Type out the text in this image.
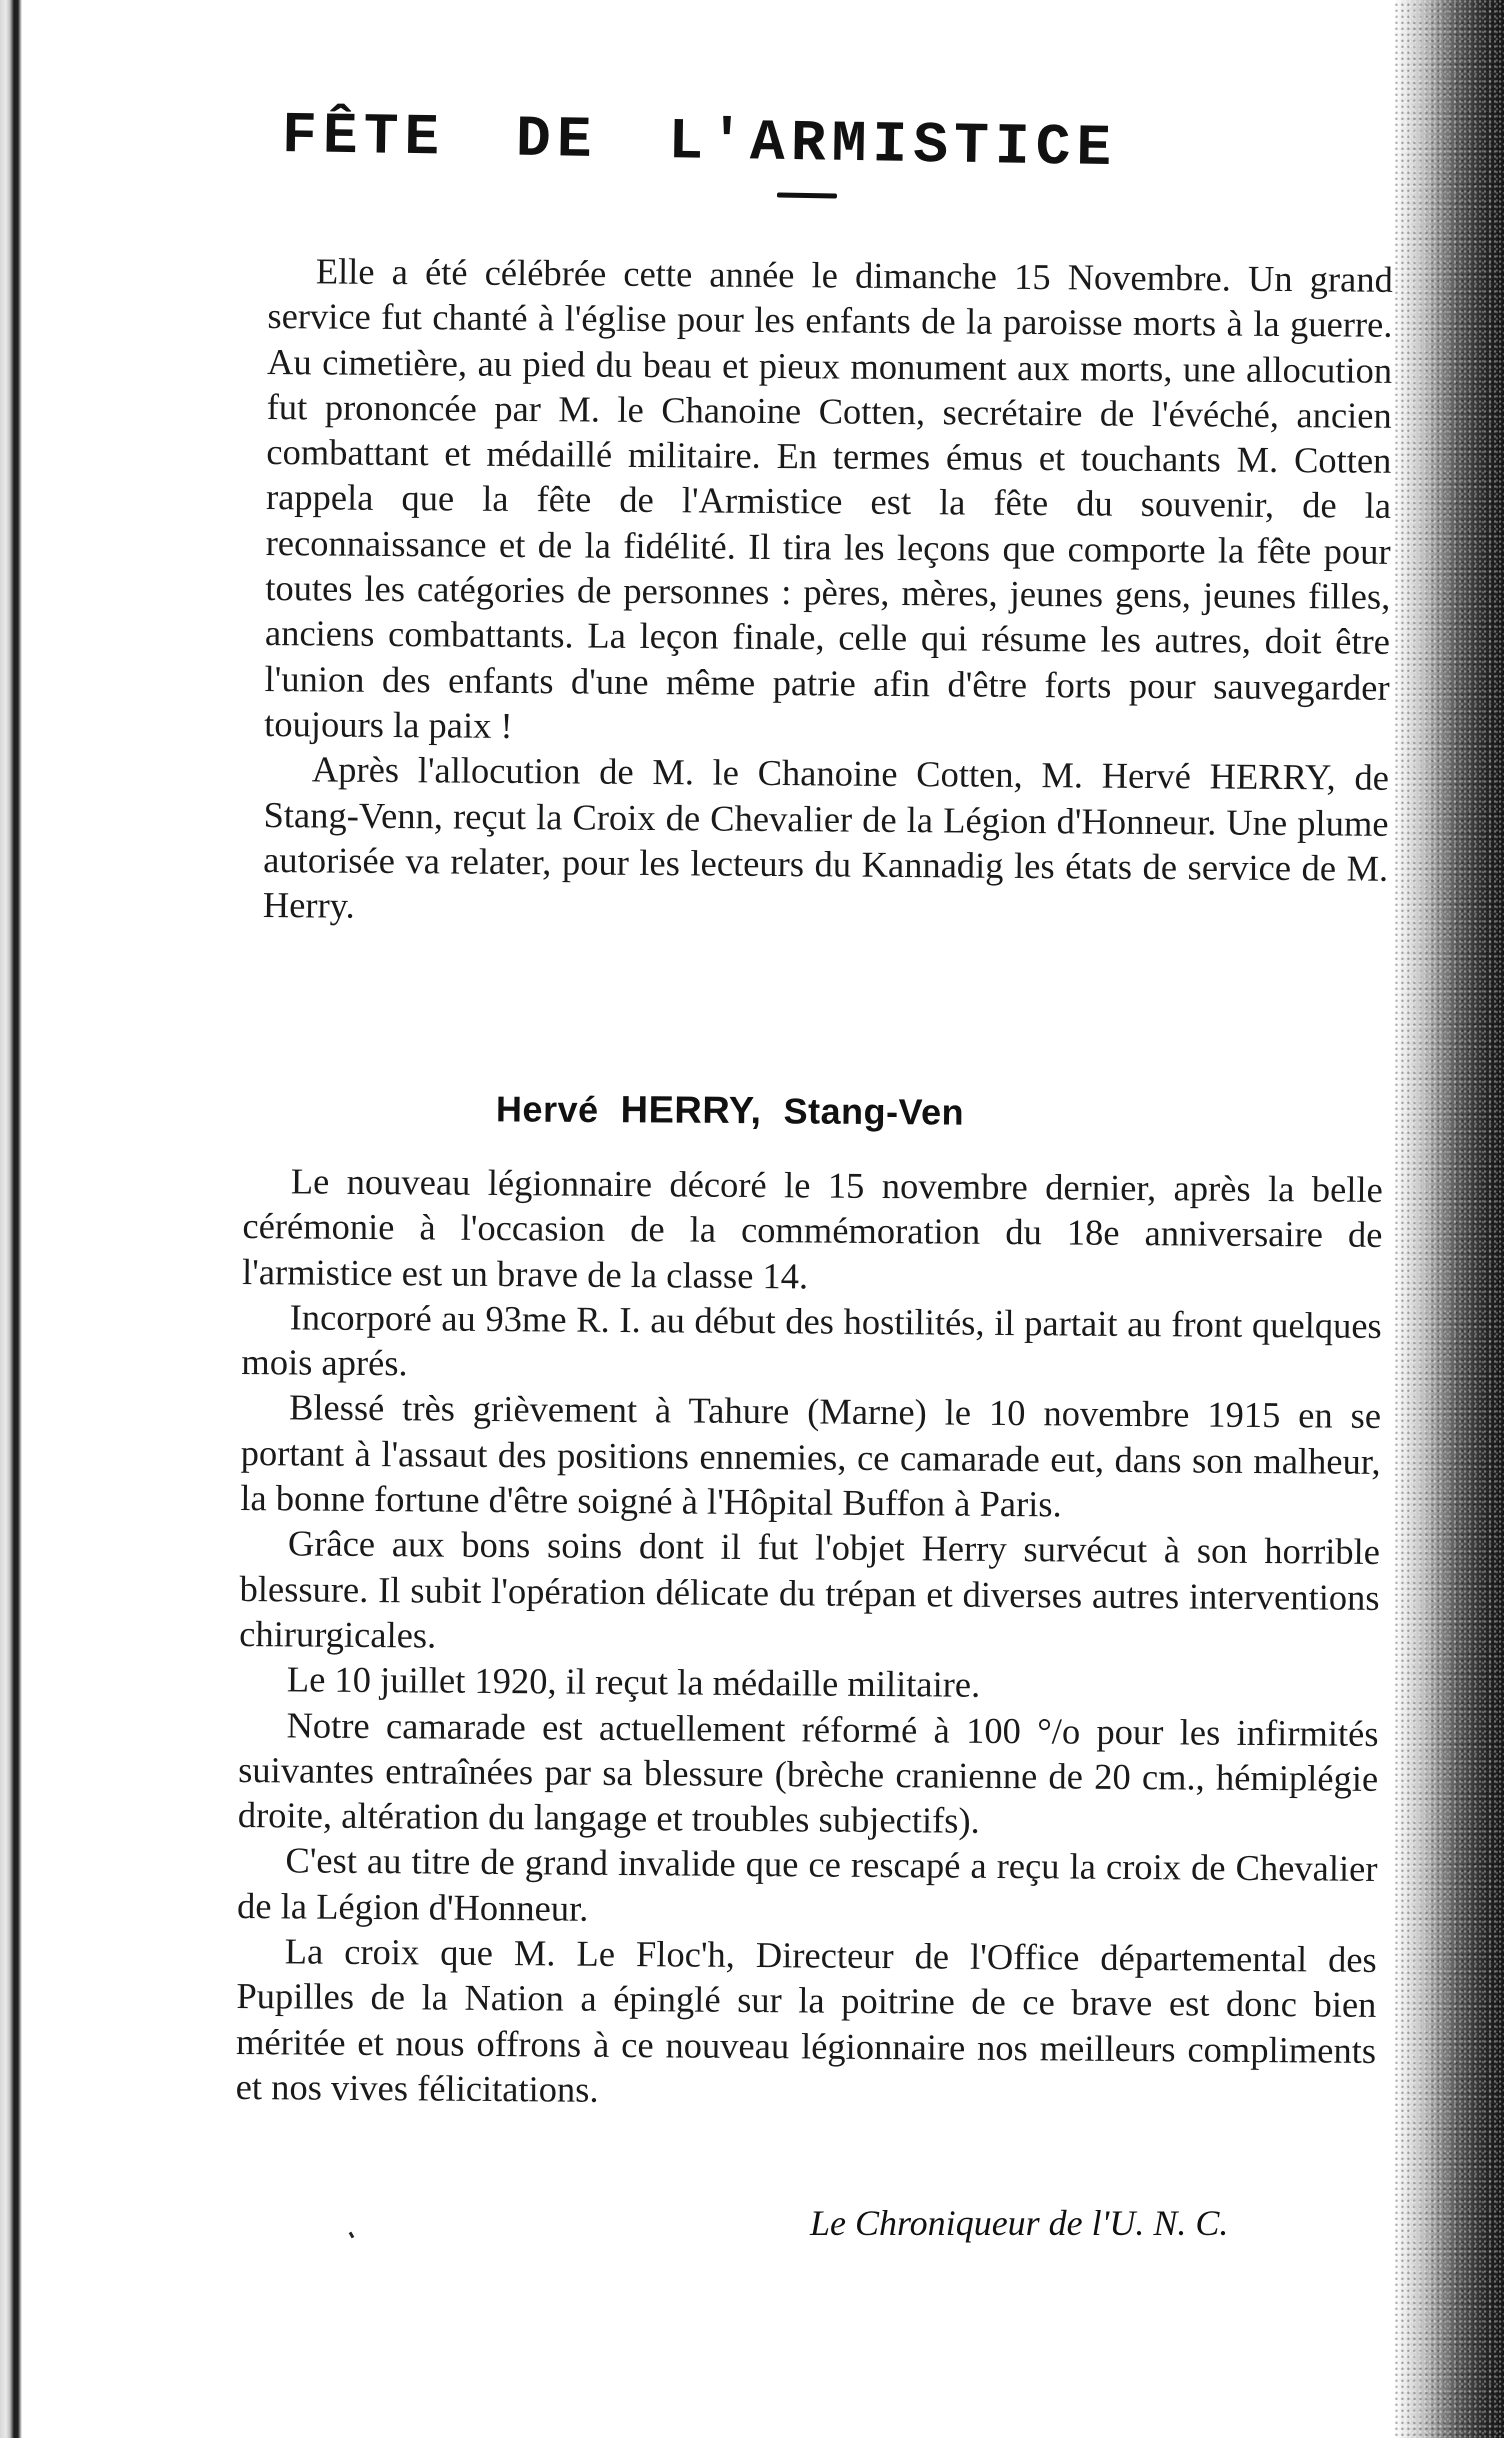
FÊTE DE L'ARMISTICE

Elle a été célébrée cette année le dimanche 15 Novembre. Un grand service fut chanté à l'église pour les enfants de la paroisse morts à la guerre. Au cimetière, au pied du beau et pieux monument aux morts, une allocution fut prononcée par M. le Chanoine Cotten, secrétaire de l'évéché, ancien combattant et médaillé militaire. En termes émus et touchants M. Cotten rappela que la fête de l'Armistice est la fête du souvenir, de la reconnaissance et de la fidélité. Il tira les leçons que comporte la fête pour toutes les catégories de personnes : pères, mères, jeunes gens, jeunes filles, anciens combattants. La leçon finale, celle qui résume les autres, doit être l'union des enfants d'une même patrie afin d'être forts pour sauvegarder toujours la paix !

Après l'allocution de M. le Chanoine Cotten, M. Hervé HERRY, de Stang-Venn, reçut la Croix de Chevalier de la Légion d'Honneur. Une plume autorisée va relater, pour les lecteurs du Kannadig les états de service de M. Herry.

Hervé HERRY, Stang-Ven

Le nouveau légionnaire décoré le 15 novembre dernier, après la belle cérémonie à l'occasion de la commémoration du 18e anniversaire de l'armistice est un brave de la classe 14.

Incorporé au 93me R. I. au début des hostilités, il partait au front quelques mois aprés.

Blessé très grièvement à Tahure (Marne) le 10 novembre 1915 en se portant à l'assaut des positions ennemies, ce camarade eut, dans son malheur, la bonne fortune d'être soigné à l'Hôpital Buffon à Paris.

Grâce aux bons soins dont il fut l'objet Herry survécut à son horrible blessure. Il subit l'opération délicate du trépan et diverses autres interventions chirurgicales.

Le 10 juillet 1920, il reçut la médaille militaire.

Notre camarade est actuellement réformé à 100 °/o pour les infirmités suivantes entraînées par sa blessure (brèche cranienne de 20 cm., hémiplégie droite, altération du langage et troubles subjectifs).

C'est au titre de grand invalide que ce rescapé a reçu la croix de Chevalier de la Légion d'Honneur.

La croix que M. Le Floc'h, Directeur de l'Office départemental des Pupilles de la Nation a épinglé sur la poitrine de ce brave est donc bien méritée et nous offrons à ce nouveau légionnaire nos meilleurs compliments et nos vives félicitations.

Le Chroniqueur de l'U. N. C.
